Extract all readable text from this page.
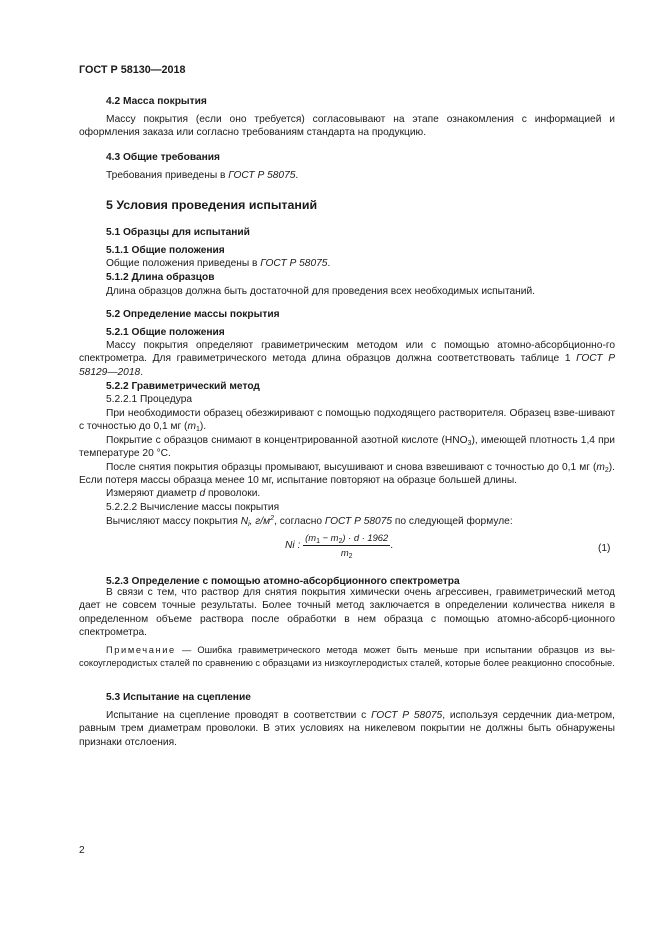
ГОСТ Р 58130—2018
4.2 Масса покрытия

Массу покрытия (если оно требуется) согласовывают на этапе ознакомления с информацией и оформления заказа или согласно требованиям стандарта на продукцию.

4.3 Общие требования

Требования приведены в ГОСТ Р 58075.

5 Условия проведения испытаний
5.1 Образцы для испытаний
5.1.1 Общие положения

Общие положения приведены в ГОСТ Р 58075.

5.1.2 Длина образцов

Длина образцов должна быть достаточной для проведения всех необходимых испытаний.

5.2 Определение массы покрытия
5.2.1 Общие положения

Массу покрытия определяют гравиметрическим методом или с помощью атомно-абсорбционно-го спектрометра. Для гравиметрического метода длина образцов должна соответствовать таблице 1 ГОСТ Р 58129—2018.

5.2.2 Гравиметрический метод
5.2.2.1 Процедура

При необходимости образец обезжиривают с помощью подходящего растворителя. Образец взве-шивают с точностью до 0,1 мг $(m_1)$.

Покрытие с образцов снимают в концентрированной азотной кислоте $(HNO_3)$, имеющей плотность 1,4 при температуре 20 °С.

После снятия покрытия образцы промывают, высушивают и снова взвешивают с точностью до 0,1 мг $(m_2)$. Если потеря массы образца менее 10 мг, испытание повторяют на образце большей длины.

Измеряют диаметр d проволоки.

5.2.2.2 Вычисление массы покрытия

Вычисляют массу покрытия $N_i$, $г/м^2$, согласно ГОСТ Р 58075 по следующей формуле:

Ni : $\frac{(m_1 - m_2) \cdot d \cdot 1962}{m_2}$ .	(1)
5.2.3 Определение с помощью атомно-абсорбционного спектрометра

В связи с тем, что раствор для снятия покрытия химически очень агрессивен, гравиметрический метод дает не совсем точные результаты. Более точный метод заключается в определении количества никеля в определенном объеме раствора после обработки в нем образца с помощью атомно-абсорб-ционного спектрометра.

Примечание — Ошибка гравиметрического метода может быть меньше при испытании образцов из вы-сокоуглеродистых сталей по сравнению с образцами из низкоуглеродистых сталей, которые более реакционно способные.

5.3 Испытание на сцепление

Испытание на сцепление проводят в соответствии с ГОСТ Р 58075, используя сердечник диа-метром, равным трем диаметрам проволоки. В этих условиях на никелевом покрытии не должны быть обнаружены признаки отслоения.

2
